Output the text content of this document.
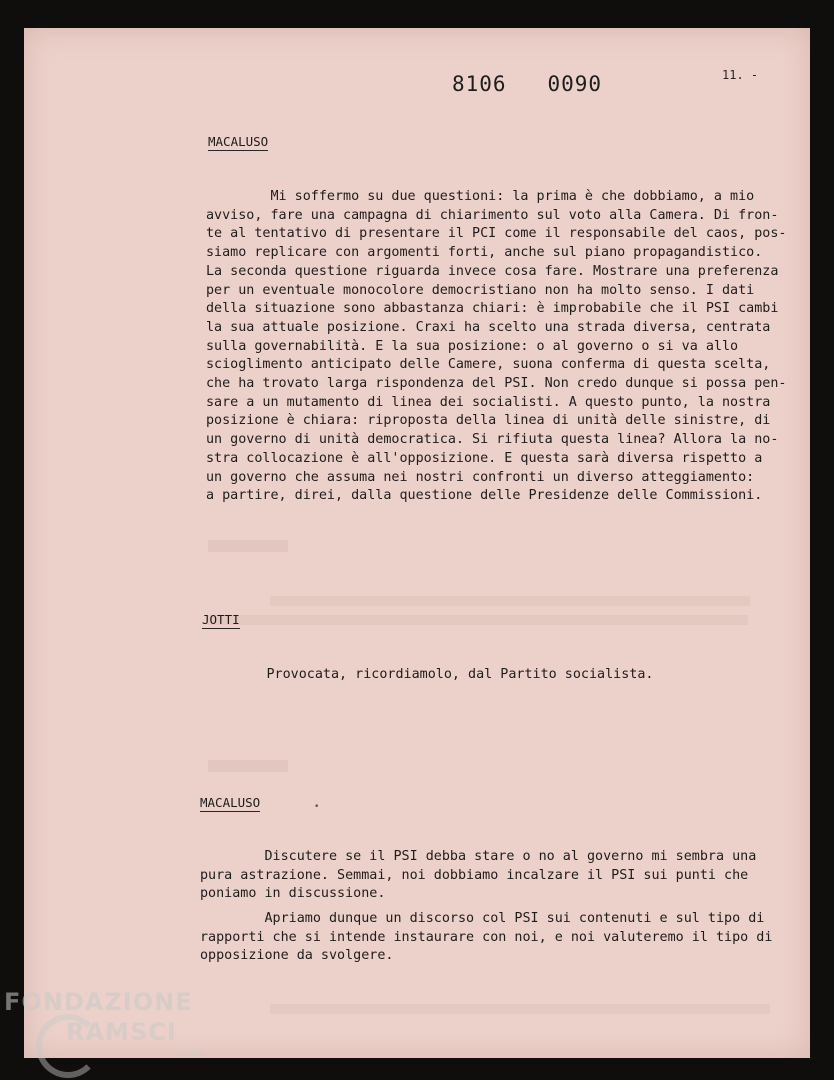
8106   0090	11. -
MACALUSO

Mi soffermo su due questioni: la prima è che dobbiamo, a mio
avviso, fare una campagna di chiarimento sul voto alla Camera. Di fron-
te al tentativo di presentare il PCI come il responsabile del caos, pos-
siamo replicare con argomenti forti, anche sul piano propagandistico.
La seconda questione riguarda invece cosa fare. Mostrare una preferenza
per un eventuale monocolore democristiano non ha molto senso. I dati
della situazione sono abbastanza chiari: è improbabile che il PSI cambi
la sua attuale posizione. Craxi ha scelto una strada diversa, centrata
sulla governabilità. E la sua posizione: o al governo o si va allo
scioglimento anticipato delle Camere, suona conferma di questa scelta,
che ha trovato larga rispondenza del PSI. Non credo dunque si possa pen-
sare a un mutamento di linea dei socialisti. A questo punto, la nostra
posizione è chiara: riproposta della linea di unità delle sinistre, di
un governo di unità democratica. Si rifiuta questa linea? Allora la no-
stra collocazione è all'opposizione. E questa sarà diversa rispetto a
un governo che assuma nei nostri confronti un diverso atteggiamento:
a partire, direi, dalla questione delle Presidenze delle Commissioni.

JOTTI

Provocata, ricordiamolo, dal Partito socialista.

MACALUSO	•

Discutere se il PSI debba stare o no al governo mi sembra una
pura astrazione. Semmai, noi dobbiamo incalzare il PSI sui punti che
poniamo in discussione.

Apriamo dunque un discorso col PSI sui contenuti e sul tipo di
rapporti che si intende instaurare con noi, e noi valuteremo il tipo di
opposizione da svolgere.

FONDAZIONE
RAMSCI
onlus
